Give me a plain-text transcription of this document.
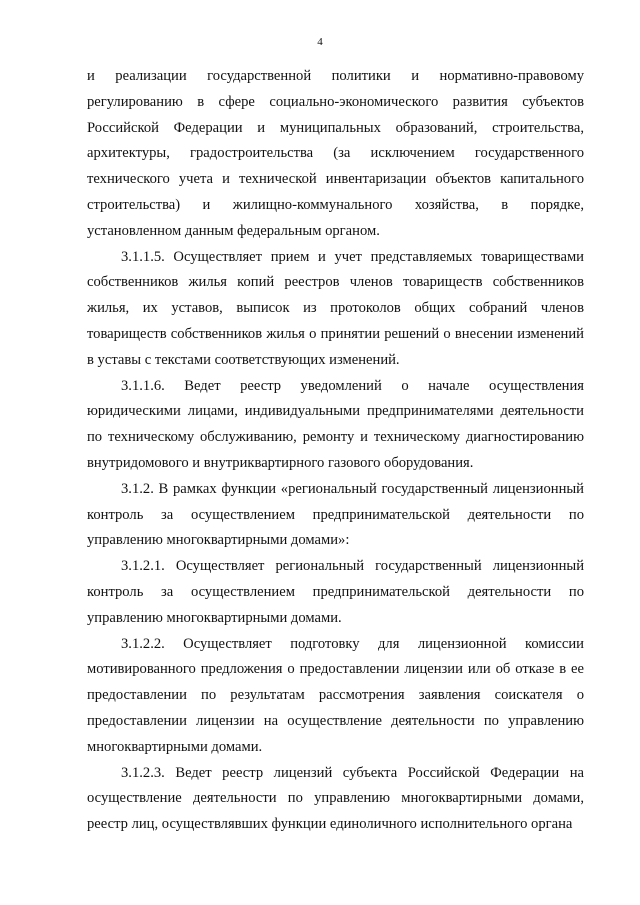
4

и реализации государственной политики и нормативно-правовому регулированию в сфере социально-экономического развития субъектов Российской Федерации и муниципальных образований, строительства, архитектуры, градостроительства (за исключением государственного технического учета и технической инвентаризации объектов капитального строительства) и жилищно-коммунального хозяйства, в порядке, установленном данным федеральным органом.

3.1.1.5. Осуществляет прием и учет представляемых товариществами собственников жилья копий реестров членов товариществ собственников жилья, их уставов, выписок из протоколов общих собраний членов товариществ собственников жилья о принятии решений о внесении изменений в уставы с текстами соответствующих изменений.

3.1.1.6. Ведет реестр уведомлений о начале осуществления юридическими лицами, индивидуальными предпринимателями деятельности по техническому обслуживанию, ремонту и техническому диагностированию внутридомового и внутриквартирного газового оборудования.

3.1.2. В рамках функции «региональный государственный лицензионный контроль за осуществлением предпринимательской деятельности по управлению многоквартирными домами»:

3.1.2.1. Осуществляет региональный государственный лицензионный контроль за осуществлением предпринимательской деятельности по управлению многоквартирными домами.

3.1.2.2. Осуществляет подготовку для лицензионной комиссии мотивированного предложения о предоставлении лицензии или об отказе в ее предоставлении по результатам рассмотрения заявления соискателя о предоставлении лицензии на осуществление деятельности по управлению многоквартирными домами.

3.1.2.3. Ведет реестр лицензий субъекта Российской Федерации на осуществление деятельности по управлению многоквартирными домами, реестр лиц, осуществлявших функции единоличного исполнительного органа
